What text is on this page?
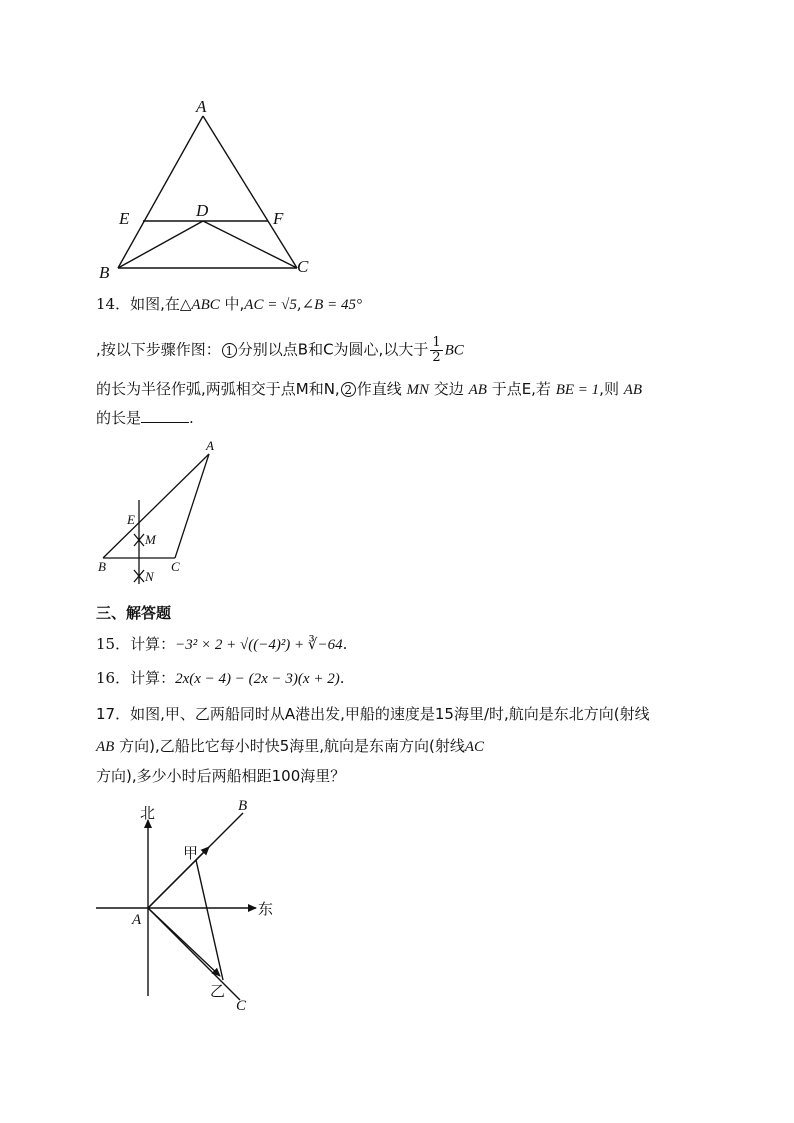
A
E	D	F
B	C
14．如图,在△ABC 中,AC = √5,∠B = 45°
,按以下步骤作图： 1 分别以点B和C为圆心,以大于 $\frac{1}{2}$ BC
的长为半径作弧,两弧相交于点M和N, 2 作直线 MN 交边 AB 于点E,若 BE = 1,则 AB
的长是	.
A
E
M
B	C
N
三、解答题
15．计算：−3² × 2 + √((−4)²) + ∛−64.
16．计算：2x(x − 4) − (2x − 3)(x + 2).
17．如图,甲、乙两船同时从A港出发,甲船的速度是15海里/时,航向是东北方向(射线
AB 方向),乙船比它每小时快5海里,航向是东南方向(射线AC
方向),多少小时后两船相距100海里？
北
东
A
B
C
甲
乙
